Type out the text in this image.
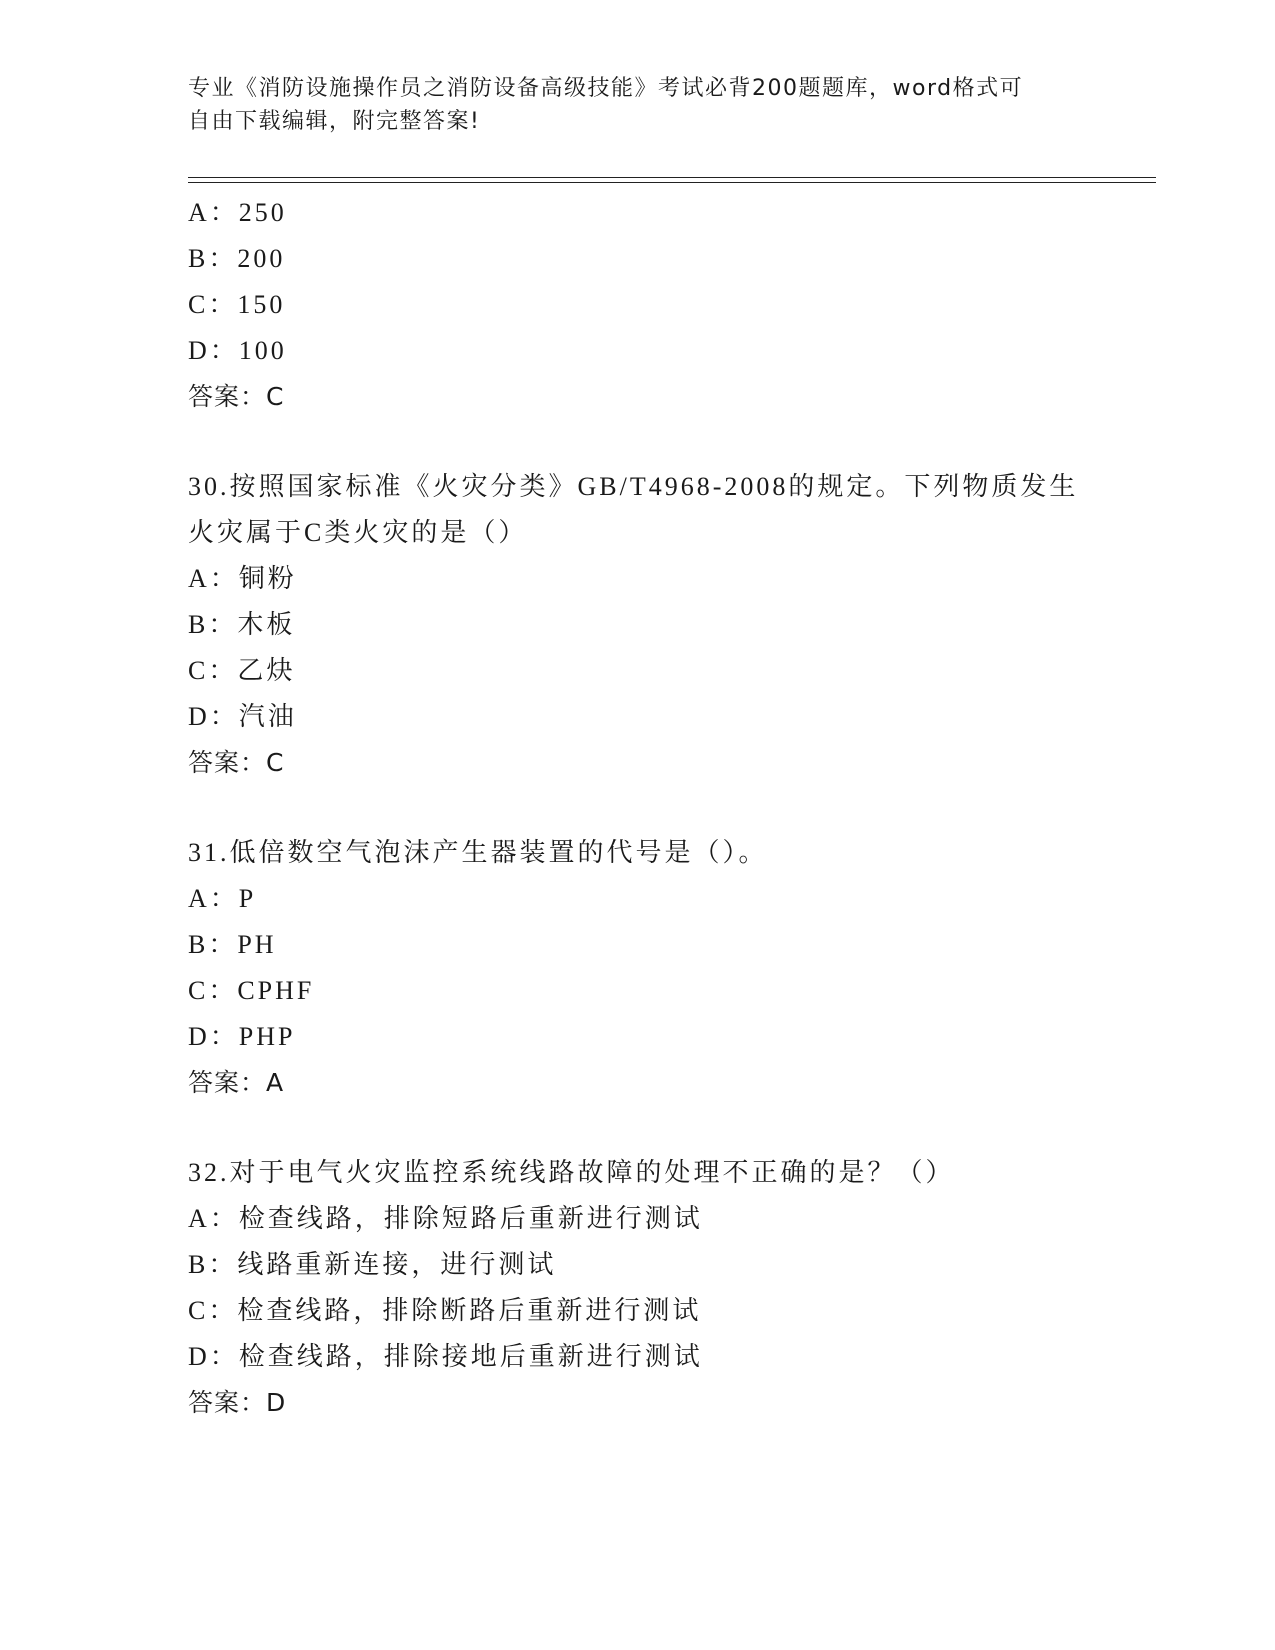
专业《消防设施操作员之消防设备高级技能》考试必背200题题库，word格式可
自由下载编辑，附完整答案!
A：250
B：200
C：150
D：100
答案：C
30.按照国家标准《火灾分类》GB/T4968-2008的规定。下列物质发生
火灾属于C类火灾的是（）
A：铜粉
B：木板
C：乙炔
D：汽油
答案：C
31.低倍数空气泡沫产生器装置的代号是（）。
A：P
B：PH
C：CPHF
D：PHP
答案：A
32.对于电气火灾监控系统线路故障的处理不正确的是？（）
A：检查线路，排除短路后重新进行测试
B：线路重新连接，进行测试
C：检查线路，排除断路后重新进行测试
D：检查线路，排除接地后重新进行测试
答案：D
